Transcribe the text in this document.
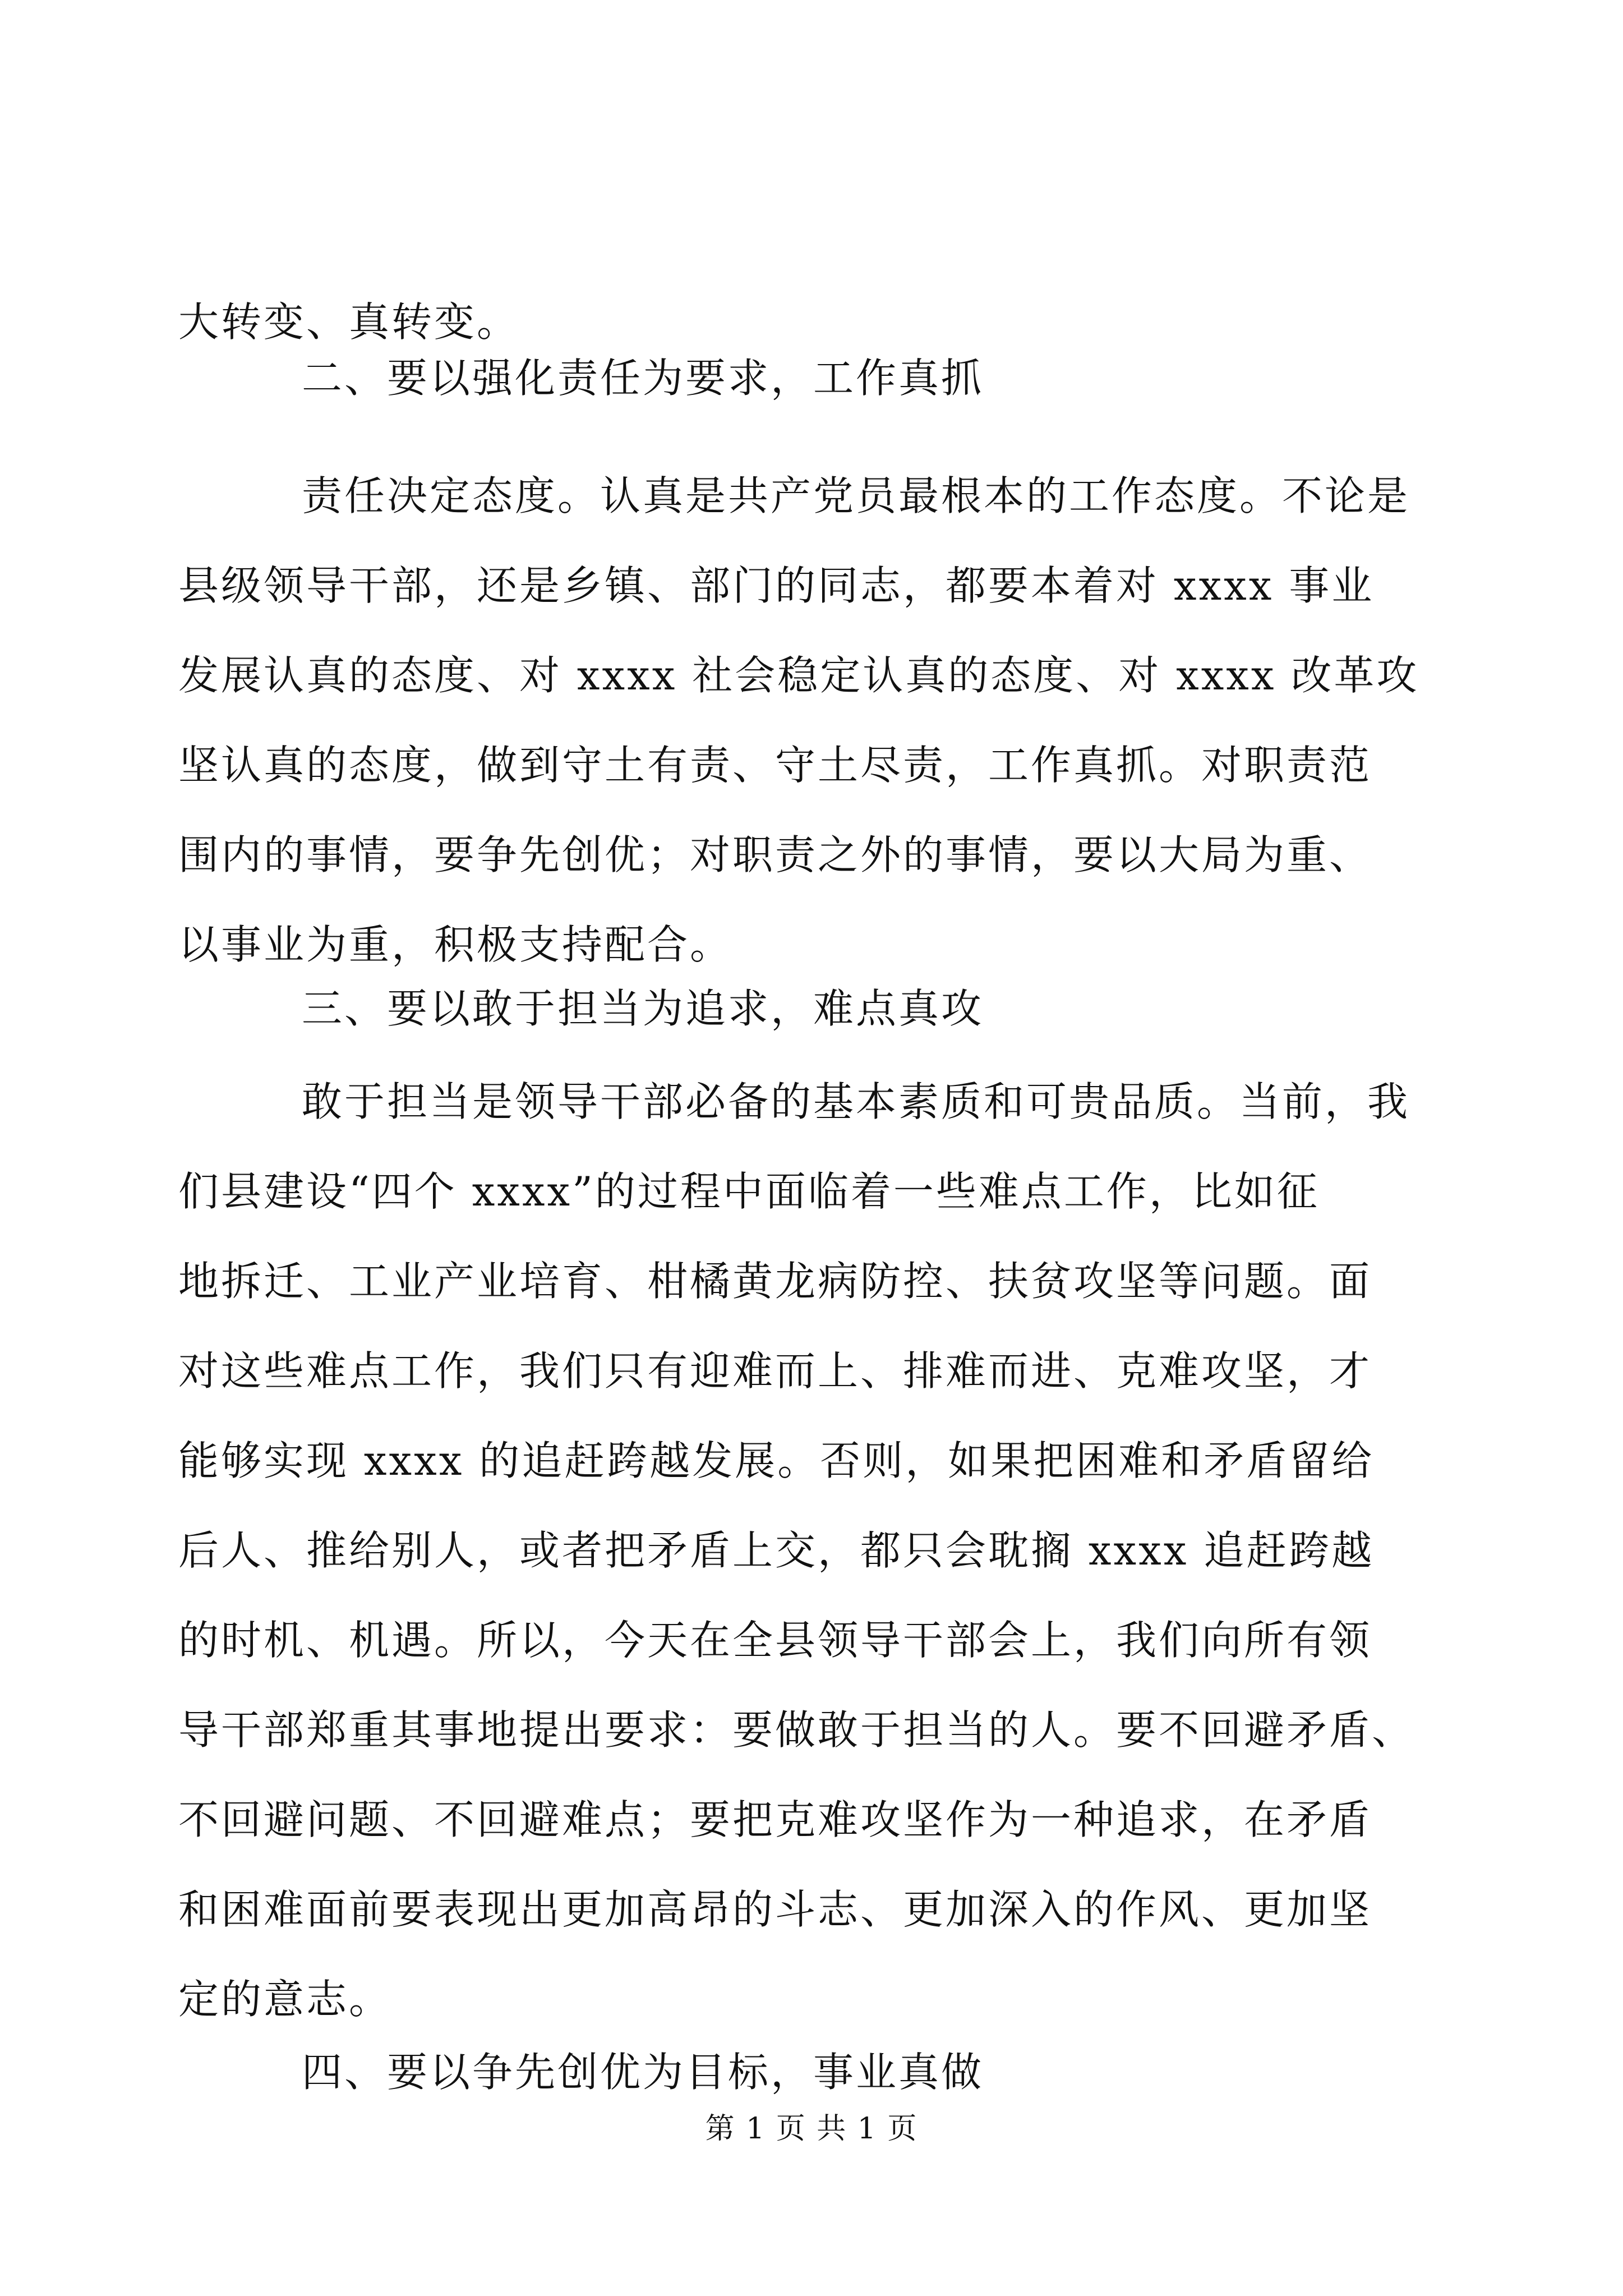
大转变、真转变。
二、要以强化责任为要求，工作真抓
责任决定态度。认真是共产党员最根本的工作态度。不论是
县级领导干部，还是乡镇、部门的同志，都要本着对 xxxx 事业
发展认真的态度、对 xxxx 社会稳定认真的态度、对 xxxx 改革攻
坚认真的态度，做到守土有责、守土尽责，工作真抓。对职责范
围内的事情，要争先创优；对职责之外的事情，要以大局为重、
以事业为重，积极支持配合。
三、要以敢于担当为追求，难点真攻
敢于担当是领导干部必备的基本素质和可贵品质。当前，我
们县建设“四个 xxxx”的过程中面临着一些难点工作，比如征
地拆迁、工业产业培育、柑橘黄龙病防控、扶贫攻坚等问题。面
对这些难点工作，我们只有迎难而上、排难而进、克难攻坚，才
能够实现 xxxx 的追赶跨越发展。否则，如果把困难和矛盾留给
后人、推给别人，或者把矛盾上交，都只会耽搁 xxxx 追赶跨越
的时机、机遇。所以，今天在全县领导干部会上，我们向所有领
导干部郑重其事地提出要求：要做敢于担当的人。要不回避矛盾、
不回避问题、不回避难点；要把克难攻坚作为一种追求，在矛盾
和困难面前要表现出更加高昂的斗志、更加深入的作风、更加坚
定的意志。
四、要以争先创优为目标，事业真做
第 1 页 共 1 页
